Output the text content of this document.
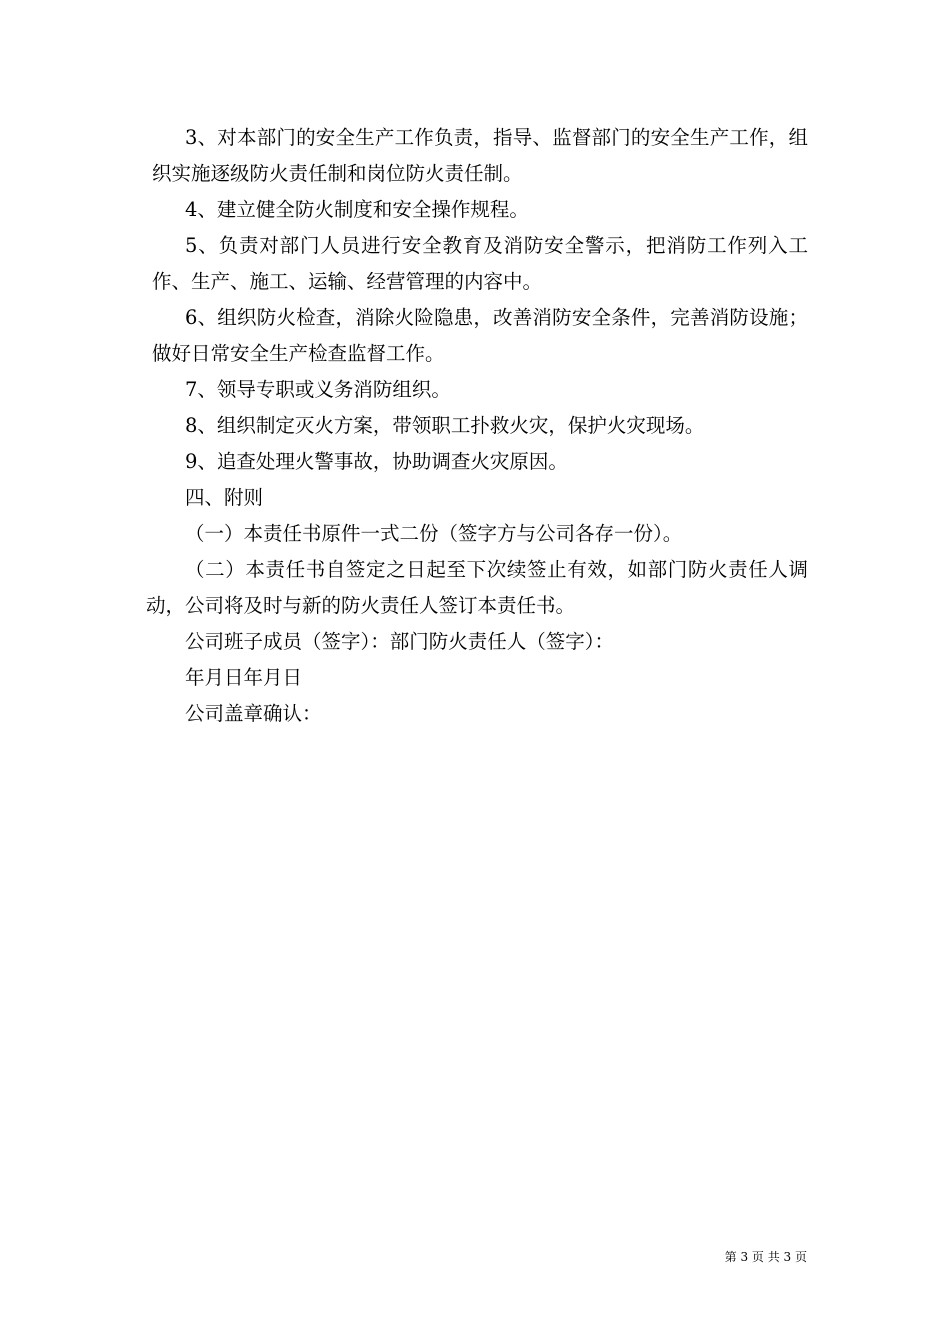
3、对本部门的安全生产工作负责，指导、监督部门的安全生产工作，组织实施逐级防火责任制和岗位防火责任制。

4、建立健全防火制度和安全操作规程。

5、负责对部门人员进行安全教育及消防安全警示，把消防工作列入工作、生产、施工、运输、经营管理的内容中。

6、组织防火检查，消除火险隐患，改善消防安全条件，完善消防设施；做好日常安全生产检查监督工作。

7、领导专职或义务消防组织。

8、组织制定灭火方案，带领职工扑救火灾，保护火灾现场。

9、追查处理火警事故，协助调查火灾原因。

四、附则

（一）本责任书原件一式二份（签字方与公司各存一份）。

（二）本责任书自签定之日起至下次续签止有效，如部门防火责任人调动，公司将及时与新的防火责任人签订本责任书。

公司班子成员（签字）：部门防火责任人（签字）：

年月日年月日

公司盖章确认：

第 3 页 共 3 页
